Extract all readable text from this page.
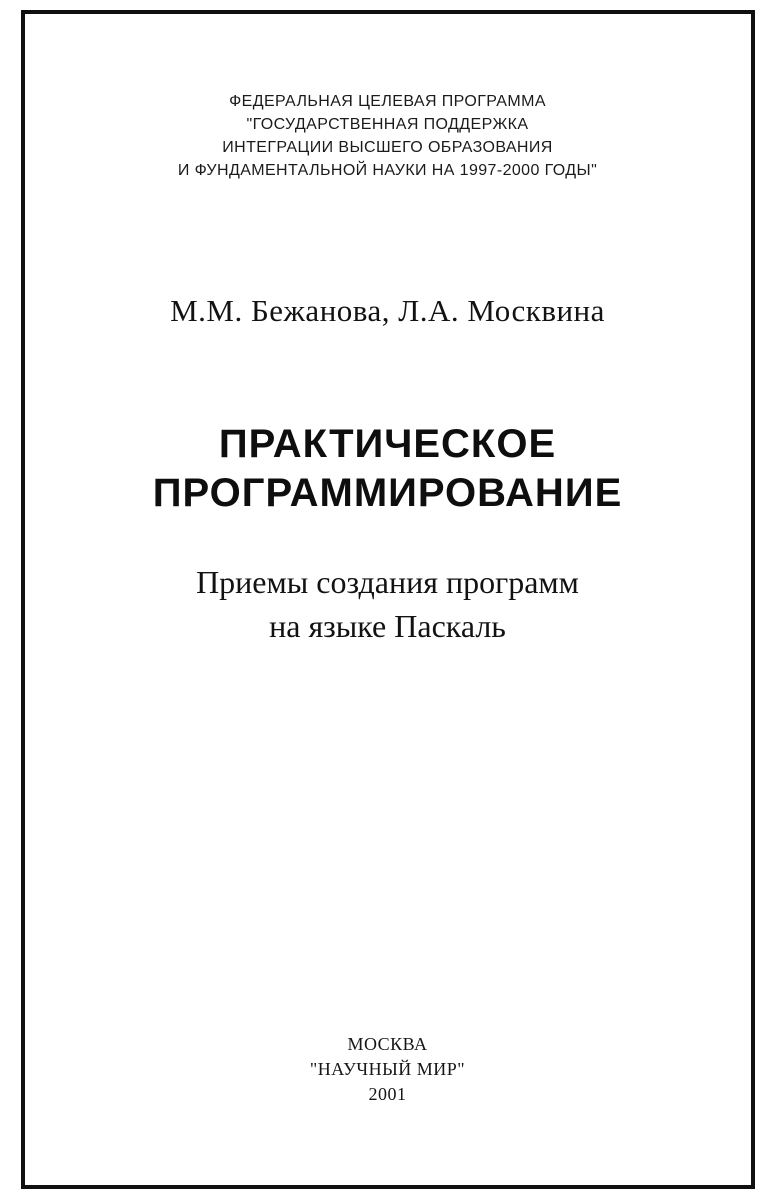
ФЕДЕРАЛЬНАЯ ЦЕЛЕВАЯ ПРОГРАММА
"ГОСУДАРСТВЕННАЯ ПОДДЕРЖКА
ИНТЕГРАЦИИ ВЫСШЕГО ОБРАЗОВАНИЯ
И ФУНДАМЕНТАЛЬНОЙ НАУКИ НА 1997-2000 ГОДЫ"
М.М. Бежанова, Л.А. Москвина
ПРАКТИЧЕСКОЕ
ПРОГРАММИРОВАНИЕ
Приемы создания программ
на языке Паскаль
МОСКВА
"НАУЧНЫЙ МИР"
2001
